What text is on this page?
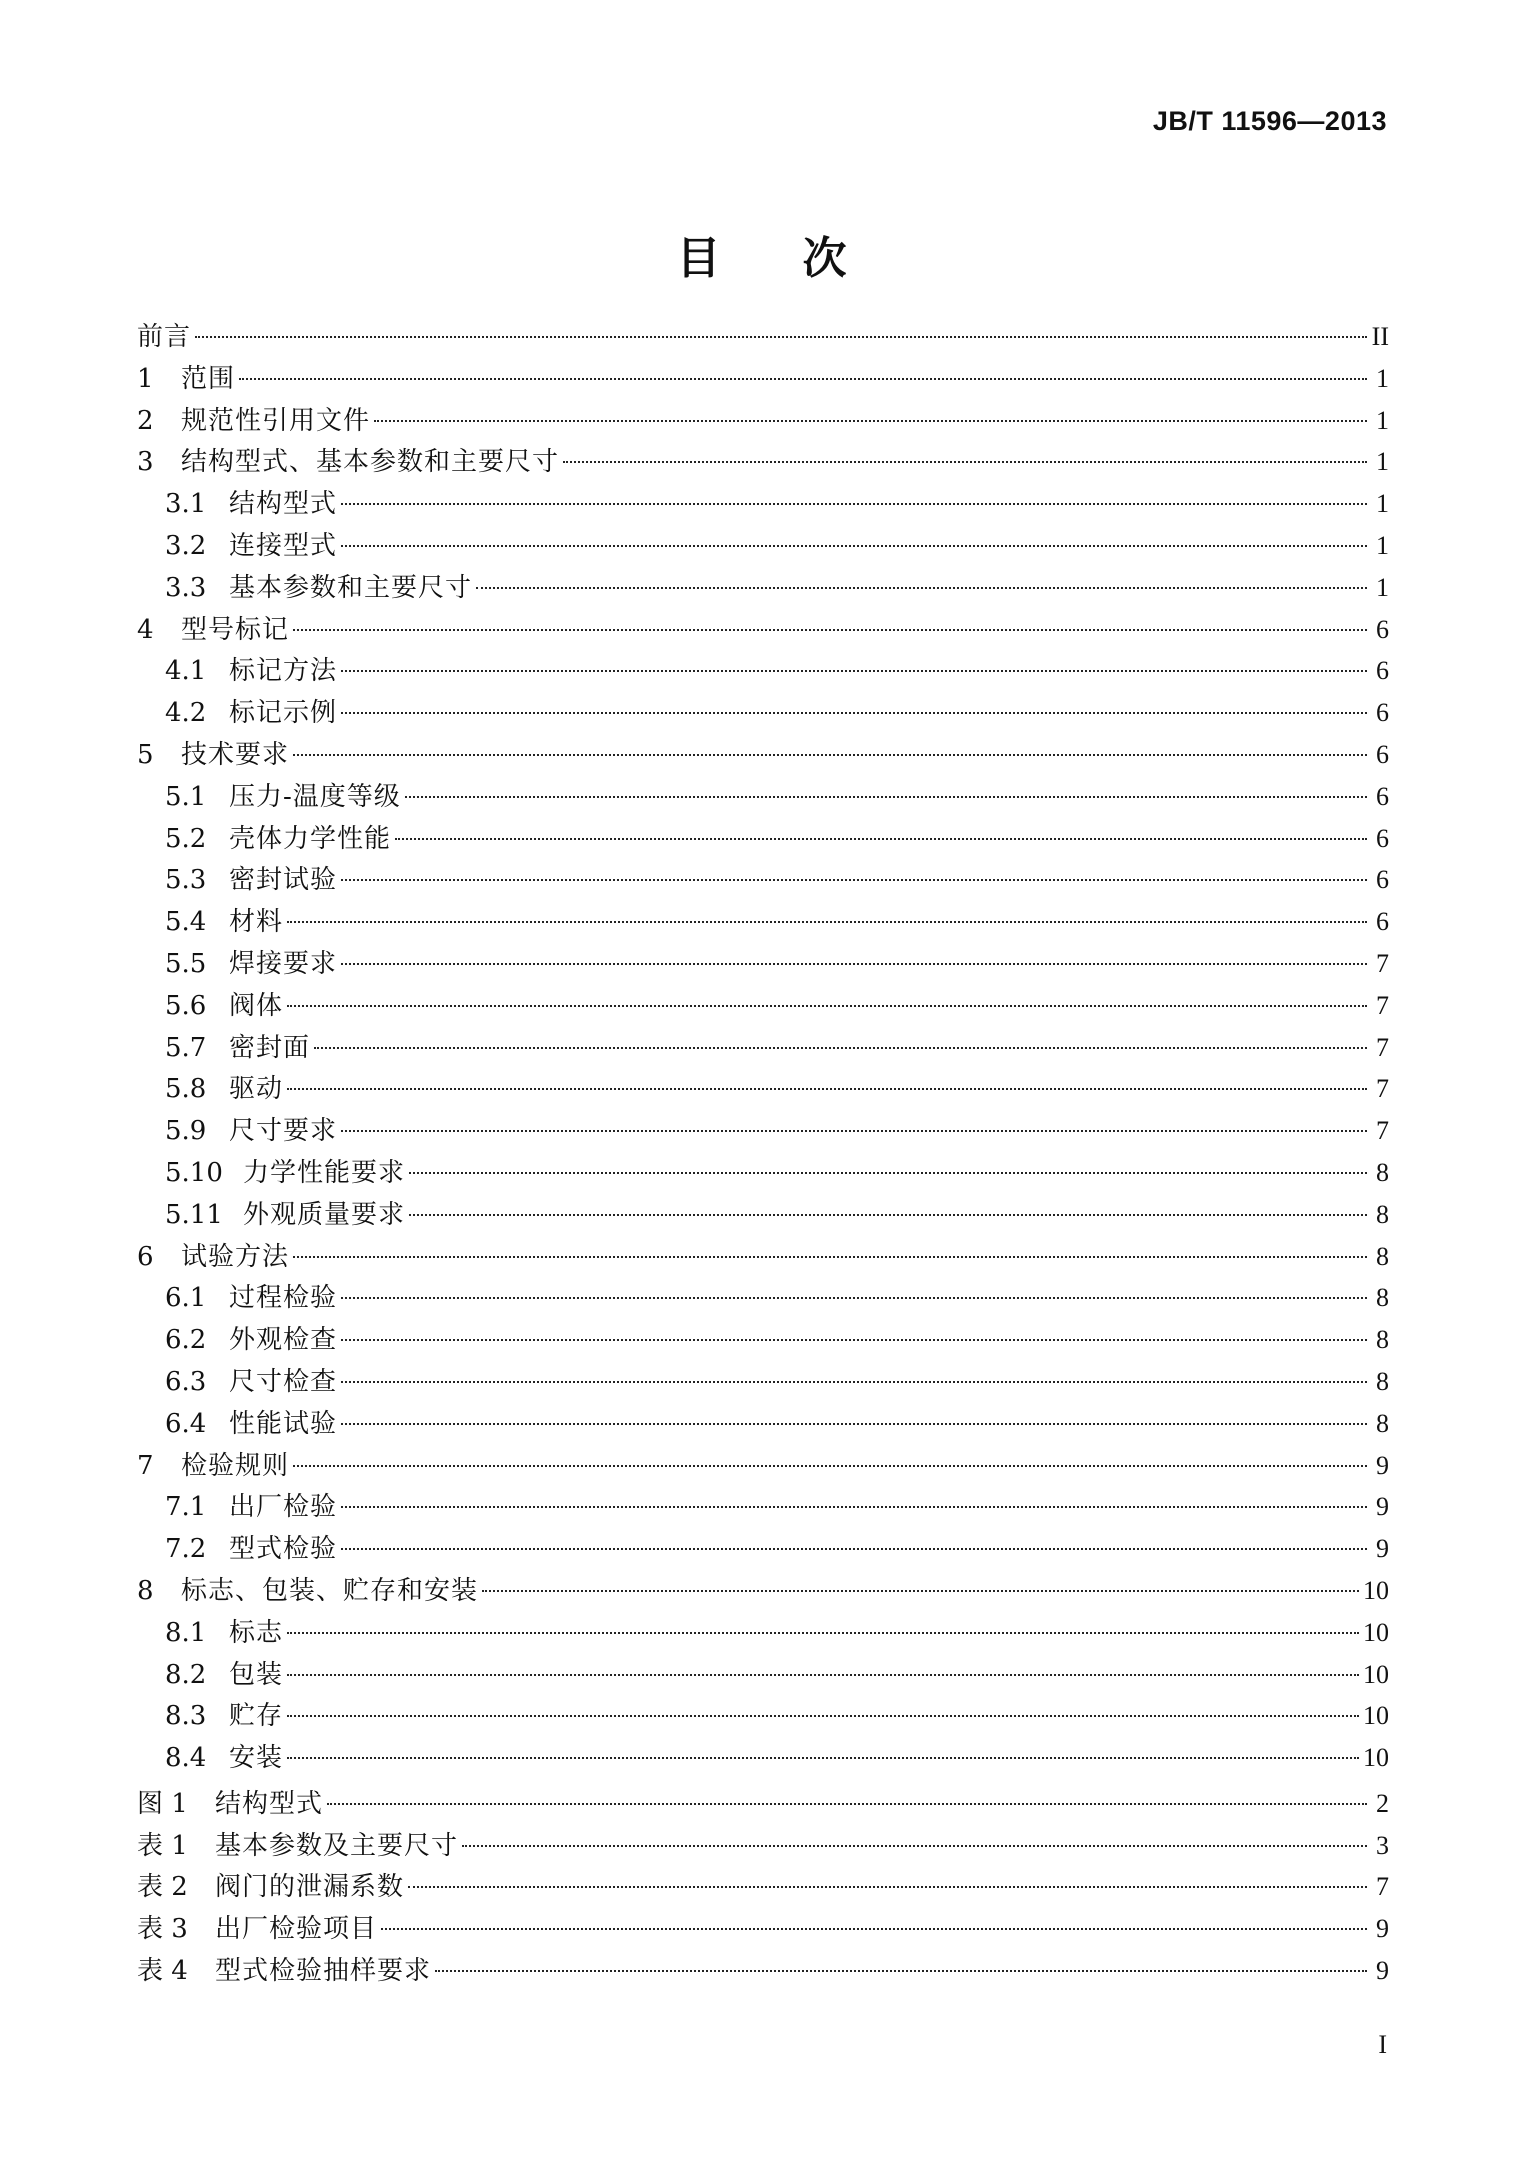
JB/T 11596—2013
目次
前言	II
1	范围	1
2	规范性引用文件	1
3	结构型式、基本参数和主要尺寸	1
3.1 结构型式	1
3.2 连接型式	1
3.3 基本参数和主要尺寸	1
4	型号标记	6
4.1 标记方法	6
4.2 标记示例	6
5	技术要求	6
5.1 压力-温度等级	6
5.2 壳体力学性能	6
5.3 密封试验	6
5.4 材料	6
5.5 焊接要求	7
5.6 阀体	7
5.7 密封面	7
5.8 驱动	7
5.9 尺寸要求	7
5.10 力学性能要求	8
5.11 外观质量要求	8
6	试验方法	8
6.1 过程检验	8
6.2 外观检查	8
6.3 尺寸检查	8
6.4 性能试验	8
7	检验规则	9
7.1 出厂检验	9
7.2 型式检验	9
8	标志、包装、贮存和安装	10
8.1 标志	10
8.2 包装	10
8.3 贮存	10
8.4 安装	10
图 1	结构型式	2
表 1	基本参数及主要尺寸	3
表 2	阀门的泄漏系数	7
表 3	出厂检验项目	9
表 4	型式检验抽样要求	9
I
